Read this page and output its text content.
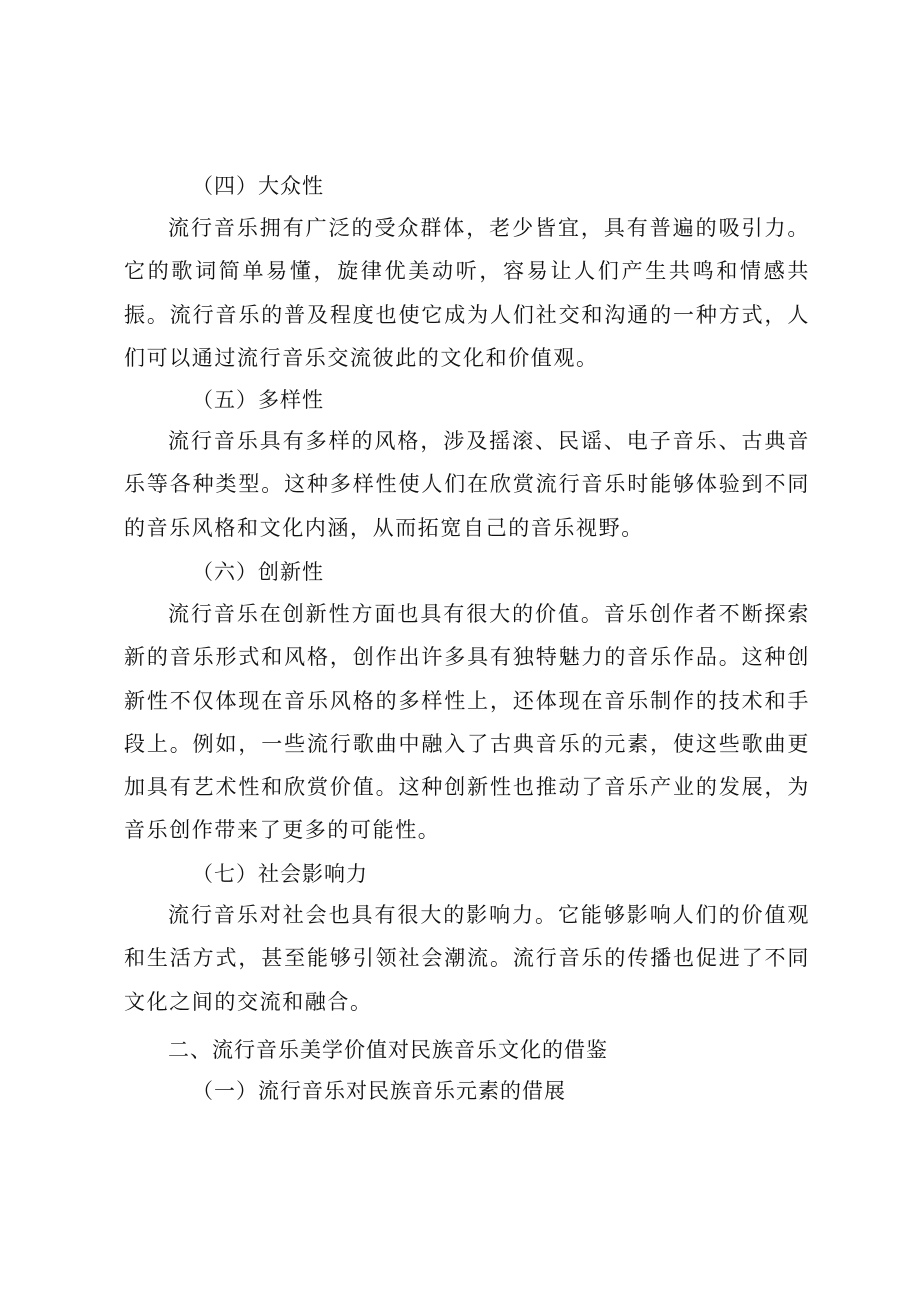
（四）大众性

流行音乐拥有广泛的受众群体，老少皆宜，具有普遍的吸引力。它的歌词简单易懂，旋律优美动听，容易让人们产生共鸣和情感共振。流行音乐的普及程度也使它成为人们社交和沟通的一种方式，人们可以通过流行音乐交流彼此的文化和价值观。

（五）多样性

流行音乐具有多样的风格，涉及摇滚、民谣、电子音乐、古典音乐等各种类型。这种多样性使人们在欣赏流行音乐时能够体验到不同的音乐风格和文化内涵，从而拓宽自己的音乐视野。

（六）创新性

流行音乐在创新性方面也具有很大的价值。音乐创作者不断探索新的音乐形式和风格，创作出许多具有独特魅力的音乐作品。这种创新性不仅体现在音乐风格的多样性上，还体现在音乐制作的技术和手段上。例如，一些流行歌曲中融入了古典音乐的元素，使这些歌曲更加具有艺术性和欣赏价值。这种创新性也推动了音乐产业的发展，为音乐创作带来了更多的可能性。

（七）社会影响力

流行音乐对社会也具有很大的影响力。它能够影响人们的价值观和生活方式，甚至能够引领社会潮流。流行音乐的传播也促进了不同文化之间的交流和融合。

二、流行音乐美学价值对民族音乐文化的借鉴
（一）流行音乐对民族音乐元素的借展
